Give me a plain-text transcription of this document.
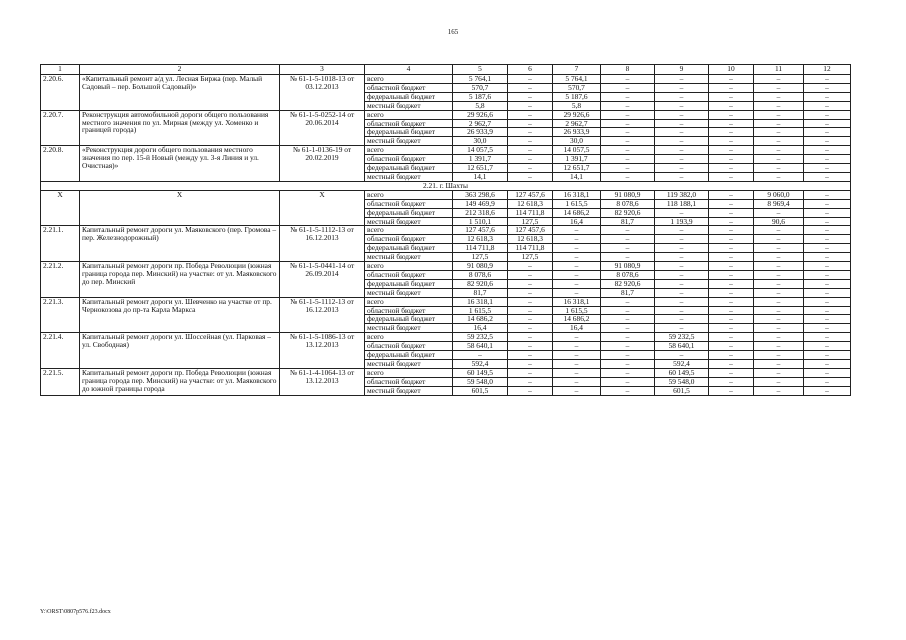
165
1	2	3	4	5	6	7	8	9	10	11	12
2.20.6.	«Капитальный ремонт а/д ул. Лесная Биржа (пер. Малый Садовый – пер. Большой Садовый)»	№ 61-1-5-1018-13 от 03.12.2013	всего	5 764,1	–	5 764,1	–	–	–	–	–
			областной бюджет	570,7	–	570,7	–	–	–	–	–
			федеральный бюджет	5 187,6	–	5 187,6	–	–	–	–	–
			местный бюджет	5,8	–	5,8	–	–	–	–	–
2.20.7.	Реконструкция автомобильной дороги общего пользования местного значения по ул. Мирная (между ул. Хоменко и границей города)	№ 61-1-5-0252-14 от 20.06.2014	всего	29 926,6	–	29 926,6	–	–	–	–	–
			областной бюджет	2 962,7	–	2 962,7	–	–	–	–	–
			федеральный бюджет	26 933,9	–	26 933,9	–	–	–	–	–
			местный бюджет	30,0	–	30,0	–	–	–	–	–
2.20.8.	«Реконструкция дороги общего пользования местного значения по пер. 15-й Новый (между ул. 3-я Линия и ул. Очистная)»	№ 61-1-0136-19 от 20.02.2019	всего	14 057,5	–	14 057,5	–	–	–	–	–
			областной бюджет	1 391,7	–	1 391,7	–	–	–	–	–
			федеральный бюджет	12 651,7	–	12 651,7	–	–	–	–	–
			местный бюджет	14,1	–	14,1	–	–	–	–	–
2.21. г. Шахты											
Х	Х	Х	всего	363 298,6	127 457,6	16 318,1	91 080,9	119 382,0	–	9 060,0	–
			областной бюджет	149 469,9	12 618,3	1 615,5	8 078,6	118 188,1	–	8 969,4	–
			федеральный бюджет	212 318,6	114 711,8	14 686,2	82 920,6	–	–	–	–
			местный бюджет	1 510,1	127,5	16,4	81,7	1 193,9	–	90,6	–
2.21.1.	Капитальный ремонт дороги ул. Маяковского (пер. Громова – пер. Железнодорожный)	№ 61-1-5-1112-13 от 16.12.2013	всего	127 457,6	127 457,6	–	–	–	–	–	–
			областной бюджет	12 618,3	12 618,3	–	–	–	–	–	–
			федеральный бюджет	114 711,8	114 711,8	–	–	–	–	–	–
			местный бюджет	127,5	127,5	–	–	–	–	–	–
2.21.2.	Капитальный ремонт дороги пр. Победа Революции (южная граница города пер. Минский) на участке: от ул. Маяковского до пер. Минский	№ 61-1-5-0441-14 от 26.09.2014	всего	91 080,9	–	–	91 080,9	–	–	–	–
			областной бюджет	8 078,6	–	–	8 078,6	–	–	–	–
			федеральный бюджет	82 920,6	–	–	82 920,6	–	–	–	–
			местный бюджет	81,7	–	–	81,7	–	–	–	–
2.21.3.	Капитальный ремонт дороги ул. Шевченко на участке от пр. Чернокозова до пр-та Карла Маркса	№ 61-1-5-1112-13 от 16.12.2013	всего	16 318,1	–	16 318,1	–	–	–	–	–
			областной бюджет	1 615,5	–	1 615,5	–	–	–	–	–
			федеральный бюджет	14 686,2	–	14 686,2	–	–	–	–	–
			местный бюджет	16,4	–	16,4	–	–	–	–	–
2.21.4.	Капитальный ремонт дороги ул. Шоссейная (ул. Парковая – ул. Свободная)	№ 61-1-5-1086-13 от 13.12.2013	всего	59 232,5	–	–	–	59 232,5	–	–	–
			областной бюджет	58 640,1	–	–	–	58 640,1	–	–	–
			федеральный бюджет	–	–	–	–	–	–	–	–
			местный бюджет	592,4	–	–	–	592,4	–	–	–
2.21.5.	Капитальный ремонт дороги пр. Победа Революции (южная граница города пер. Минский) на участке: от ул. Маяковского до южной границы города	№ 61-1-4-1064-13 от 13.12.2013	всего	60 149,5	–	–	–	60 149,5	–	–	–
			областной бюджет	59 548,0	–	–	–	59 548,0	–	–	–
			местный бюджет	601,5	–	–	–	601,5	–	–	–
Y:\ORST\0807p576.f23.docx
